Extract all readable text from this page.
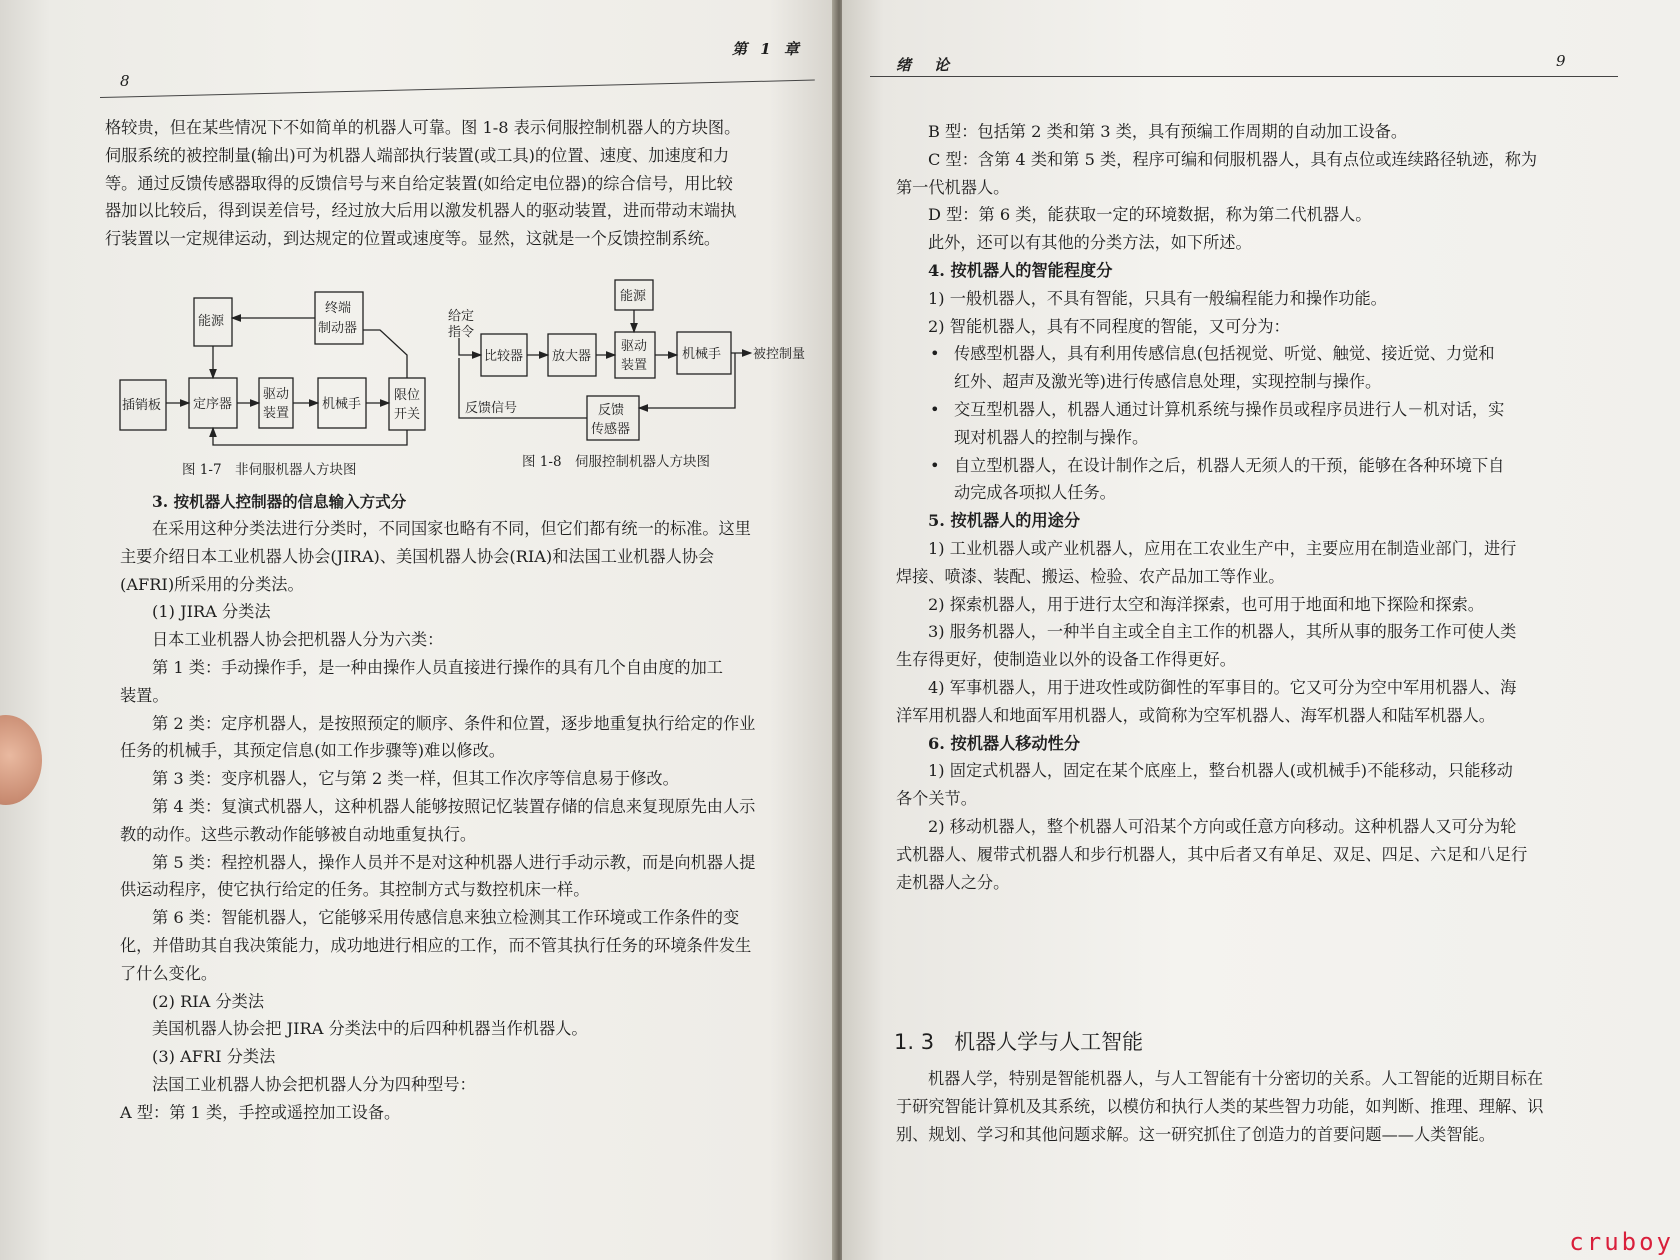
8
第 1 章

格较贵，但在某些情况下不如简单的机器人可靠。图 1-8 表示伺服控制机器人的方块图。

伺服系统的被控制量(输出)可为机器人端部执行装置(或工具)的位置、速度、加速度和力

等。通过反馈传感器取得的反馈信号与来自给定装置(如给定电位器)的综合信号，用比较

器加以比较后，得到误差信号，经过放大后用以激发机器人的驱动装置，进而带动末端执

行装置以一定规律运动，到达规定的位置或速度等。显然，这就是一个反馈控制系统。

能源
终端
制动器
插销板 定序器
驱动
装置
机械手
限位
开关
图 1-7　非伺服机器人方块图
给定
指令
比较器 放大器
能源
驱动
装置
机械手 被控制量
反馈信号	反馈
传感器
图 1-8　伺服控制机器人方块图
3. 按机器人控制器的信息输入方式分

在采用这种分类法进行分类时，不同国家也略有不同，但它们都有统一的标准。这里

主要介绍日本工业机器人协会(JIRA)、美国机器人协会(RIA)和法国工业机器人协会

(AFRI)所采用的分类法。

(1) JIRA 分类法

日本工业机器人协会把机器人分为六类：

第 1 类：手动操作手，是一种由操作人员直接进行操作的具有几个自由度的加工

装置。

第 2 类：定序机器人，是按照预定的顺序、条件和位置，逐步地重复执行给定的作业

任务的机械手，其预定信息(如工作步骤等)难以修改。

第 3 类：变序机器人，它与第 2 类一样，但其工作次序等信息易于修改。

第 4 类：复演式机器人，这种机器人能够按照记忆装置存储的信息来复现原先由人示

教的动作。这些示教动作能够被自动地重复执行。

第 5 类：程控机器人，操作人员并不是对这种机器人进行手动示教，而是向机器人提

供运动程序，使它执行给定的任务。其控制方式与数控机床一样。

第 6 类：智能机器人，它能够采用传感信息来独立检测其工作环境或工作条件的变

化，并借助其自我决策能力，成功地进行相应的工作，而不管其执行任务的环境条件发生

了什么变化。

(2) RIA 分类法

美国机器人协会把 JIRA 分类法中的后四种机器当作机器人。

(3) AFRI 分类法

法国工业机器人协会把机器人分为四种型号：

A 型：第 1 类，手控或遥控加工设备。

绪　论	9

B 型：包括第 2 类和第 3 类，具有预编工作周期的自动加工设备。

C 型：含第 4 类和第 5 类，程序可编和伺服机器人，具有点位或连续路径轨迹，称为

第一代机器人。

D 型：第 6 类，能获取一定的环境数据，称为第二代机器人。

此外，还可以有其他的分类方法，如下所述。

4. 按机器人的智能程度分

1) 一般机器人，不具有智能，只具有一般编程能力和操作功能。

2) 智能机器人，具有不同程度的智能，又可分为：

• 传感型机器人，具有利用传感信息(包括视觉、听觉、触觉、接近觉、力觉和

红外、超声及激光等)进行传感信息处理，实现控制与操作。

• 交互型机器人，机器人通过计算机系统与操作员或程序员进行人－机对话，实

现对机器人的控制与操作。

• 自立型机器人，在设计制作之后，机器人无须人的干预，能够在各种环境下自

动完成各项拟人任务。

5. 按机器人的用途分

1) 工业机器人或产业机器人，应用在工农业生产中，主要应用在制造业部门，进行

焊接、喷漆、装配、搬运、检验、农产品加工等作业。

2) 探索机器人，用于进行太空和海洋探索，也可用于地面和地下探险和探索。

3) 服务机器人，一种半自主或全自主工作的机器人，其所从事的服务工作可使人类

生存得更好，使制造业以外的设备工作得更好。

4) 军事机器人，用于进攻性或防御性的军事目的。它又可分为空中军用机器人、海

洋军用机器人和地面军用机器人，或简称为空军机器人、海军机器人和陆军机器人。

6. 按机器人移动性分

1) 固定式机器人，固定在某个底座上，整台机器人(或机械手)不能移动，只能移动

各个关节。

2) 移动机器人，整个机器人可沿某个方向或任意方向移动。这种机器人又可分为轮

式机器人、履带式机器人和步行机器人，其中后者又有单足、双足、四足、六足和八足行

走机器人之分。

1. 3 机器人学与人工智能

机器人学，特别是智能机器人，与人工智能有十分密切的关系。人工智能的近期目标在

于研究智能计算机及其系统，以模仿和执行人类的某些智力功能，如判断、推理、理解、识

别、规划、学习和其他问题求解。这一研究抓住了创造力的首要问题——人类智能。

cruboy
